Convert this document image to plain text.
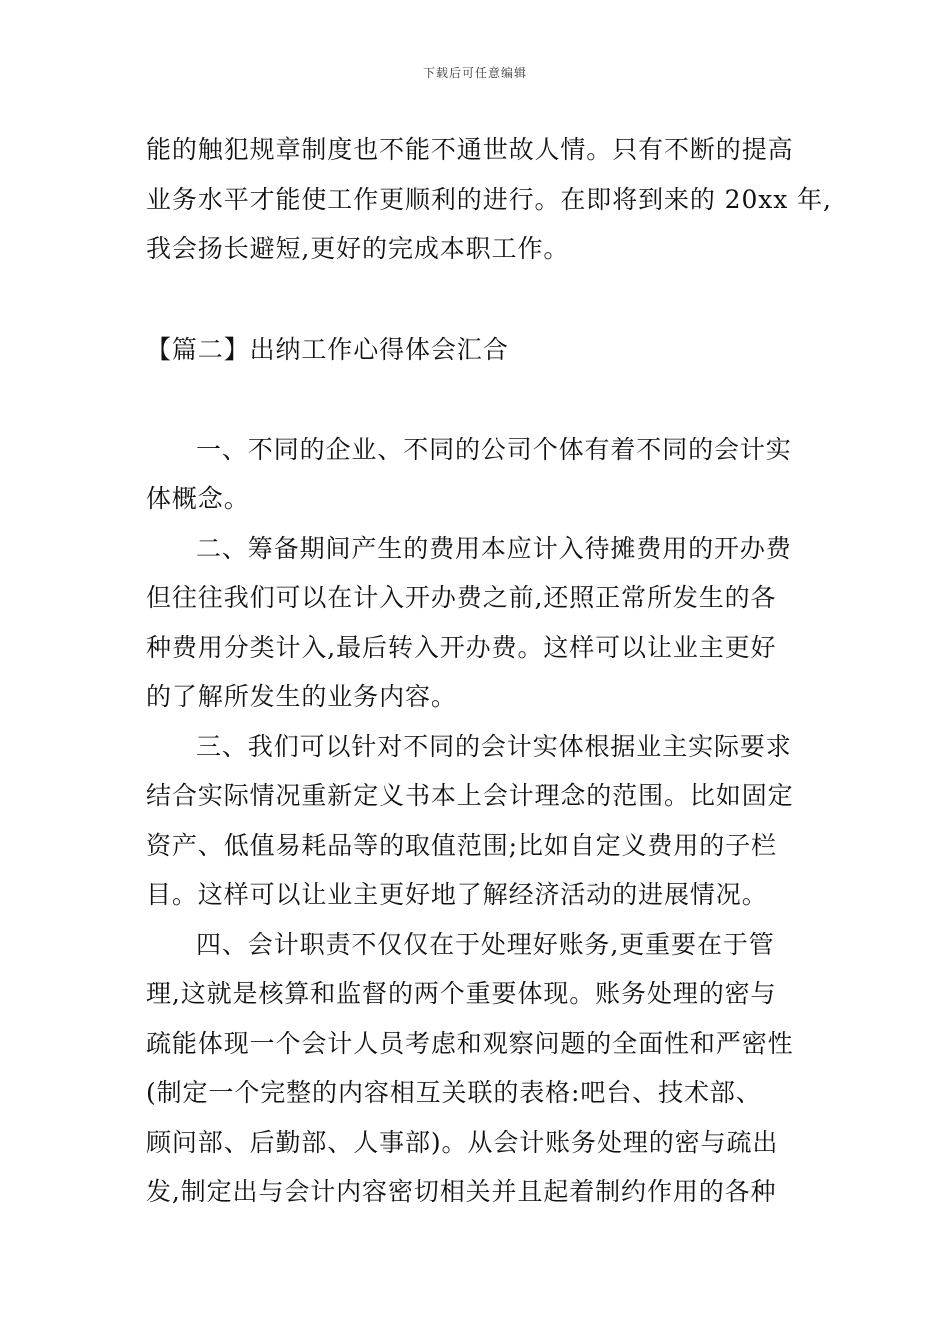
下载后可任意编辑
能的触犯规章制度也不能不通世故人情。只有不断的提高
业务水平才能使工作更顺利的进行。在即将到来的 20xx 年,
我会扬长避短,更好的完成本职工作。
【篇二】出纳工作心得体会汇合
一、不同的企业、不同的公司个体有着不同的会计实
体概念。
二、筹备期间产生的费用本应计入待摊费用的开办费
但往往我们可以在计入开办费之前,还照正常所发生的各
种费用分类计入,最后转入开办费。这样可以让业主更好
的了解所发生的业务内容。
三、我们可以针对不同的会计实体根据业主实际要求
结合实际情况重新定义书本上会计理念的范围。比如固定
资产、低值易耗品等的取值范围;比如自定义费用的子栏
目。这样可以让业主更好地了解经济活动的进展情况。
四、会计职责不仅仅在于处理好账务,更重要在于管
理,这就是核算和监督的两个重要体现。账务处理的密与
疏能体现一个会计人员考虑和观察问题的全面性和严密性
(制定一个完整的内容相互关联的表格:吧台、技术部、
顾问部、后勤部、人事部)。从会计账务处理的密与疏出
发,制定出与会计内容密切相关并且起着制约作用的各种
